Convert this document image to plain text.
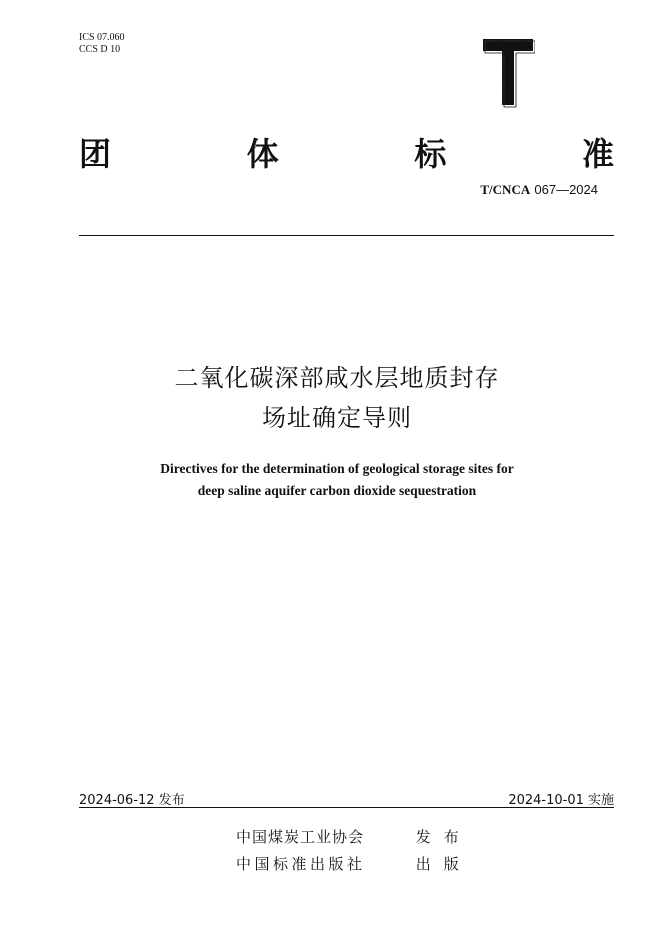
ICS 07.060
CCS D 10
团	体	标	准
T/CNCA 067—2024
二氧化碳深部咸水层地质封存
场址确定导则
Directives for the determination of geological storage sites for
deep saline aquifer carbon dioxide sequestration
2024-06-12 发布	2024-10-01 实施
中国煤炭工业协会	发布
中国标准出版社	出版
